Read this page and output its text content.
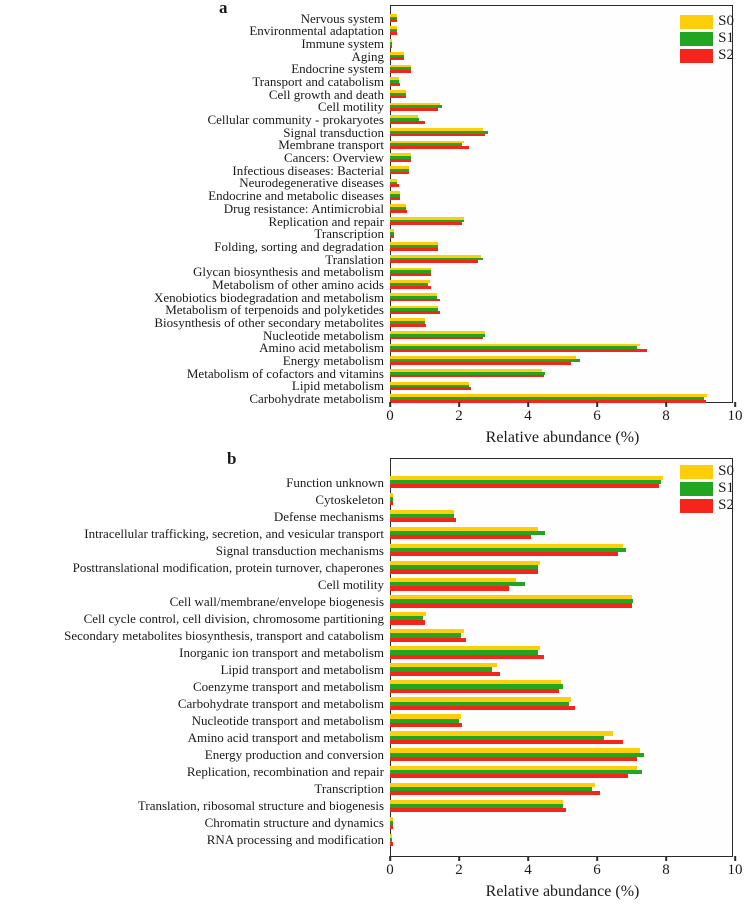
a
Nervous system
Environmental adaptation
Immune system
Aging
Endocrine system
Transport and catabolism
Cell growth and death
Cell motility
Cellular community - prokaryotes
Signal transduction
Membrane transport
Cancers: Overview
Infectious diseases: Bacterial
Neurodegenerative diseases
Endocrine and metabolic diseases
Drug resistance: Antimicrobial
Replication and repair
Transcription
Folding, sorting and degradation
Translation
Glycan biosynthesis and metabolism
Metabolism of other amino acids
Xenobiotics biodegradation and metabolism
Metabolism of terpenoids and polyketides
Biosynthesis of other secondary metabolites
Nucleotide metabolism
Amino acid metabolism
Energy metabolism
Metabolism of cofactors and vitamins
Lipid metabolism
Carbohydrate metabolism
0	2	4	6	8	10
Relative abundance (%)
S0
S1
S2
b
Function unknown
Cytoskeleton
Defense mechanisms
Intracellular trafficking, secretion, and vesicular transport
Signal transduction mechanisms
Posttranslational modification, protein turnover, chaperones
Cell motility
Cell wall/membrane/envelope biogenesis
Cell cycle control, cell division, chromosome partitioning
Secondary metabolites biosynthesis, transport and catabolism
Inorganic ion transport and metabolism
Lipid transport and metabolism
Coenzyme transport and metabolism
Carbohydrate transport and metabolism
Nucleotide transport and metabolism
Amino acid transport and metabolism
Energy production and conversion
Replication, recombination and repair
Transcription
Translation, ribosomal structure and biogenesis
Chromatin structure and dynamics
RNA processing and modification
0	2	4	6	8	10
Relative abundance (%)
S0
S1
S2
